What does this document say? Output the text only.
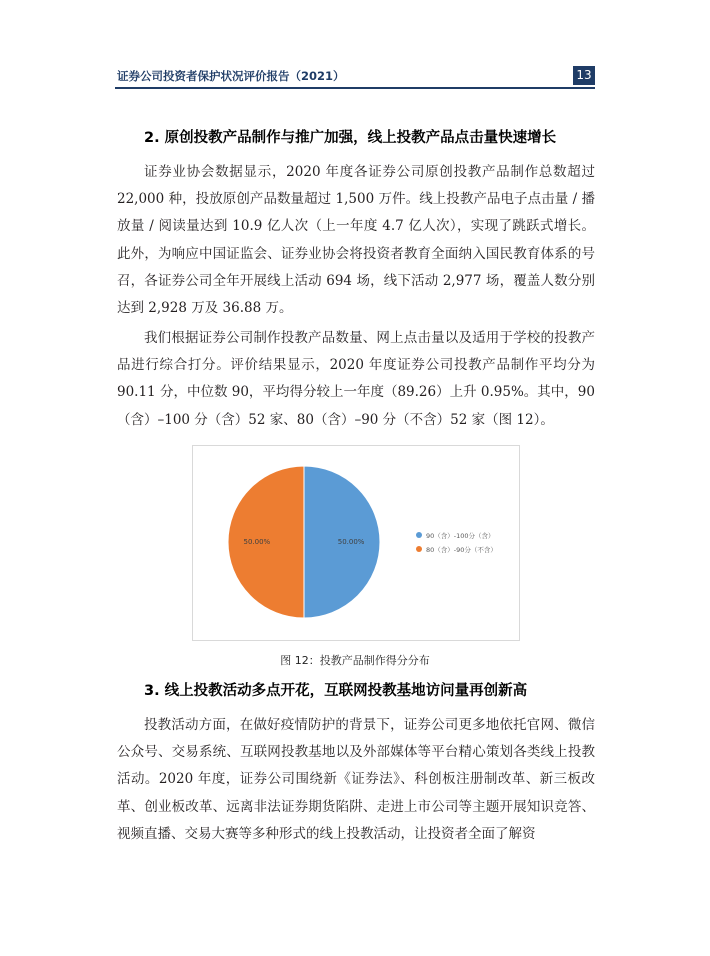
证券公司投资者保护状况评价报告（2021）	13
2. 原创投教产品制作与推广加强，线上投教产品点击量快速增长

证券业协会数据显示，2020 年度各证券公司原创投教产品制作总数超过 22,000 种，投放原创产品数量超过 1,500 万件。线上投教产品电子点击量 / 播放量 / 阅读量达到 10.9 亿人次（上一年度 4.7 亿人次），实现了跳跃式增长。此外，为响应中国证监会、证券业协会将投资者教育全面纳入国民教育体系的号召，各证券公司全年开展线上活动 694 场，线下活动 2,977 场，覆盖人数分别达到 2,928 万及 36.88 万。

我们根据证券公司制作投教产品数量、网上点击量以及适用于学校的投教产品进行综合打分。评价结果显示，2020 年度证券公司投教产品制作平均分为 90.11 分，中位数 90，平均得分较上一年度（89.26）上升 0.95%。其中，90（含）–100 分（含）52 家、80（含）–90 分（不含）52 家（图 12）。

50.00%
50.00%
90（含）-100分（含）
80（含）-90分（不含）
图 12：投教产品制作得分分布
3. 线上投教活动多点开花，互联网投教基地访问量再创新高

投教活动方面，在做好疫情防护的背景下，证券公司更多地依托官网、微信公众号、交易系统、互联网投教基地以及外部媒体等平台精心策划各类线上投教活动。2020 年度，证券公司围绕新《证券法》、科创板注册制改革、新三板改革、创业板改革、远离非法证券期货陷阱、走进上市公司等主题开展知识竞答、视频直播、交易大赛等多种形式的线上投教活动，让投资者全面了解资
